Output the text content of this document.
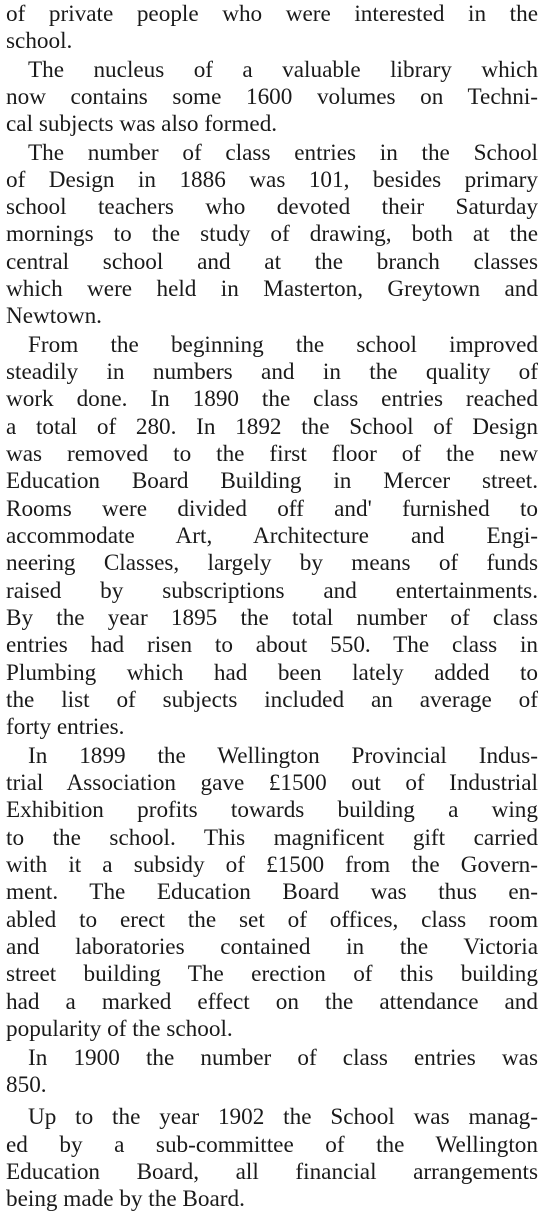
of private people who were interested in the
school.
The nucleus of a valuable library which
now contains some 1600 volumes on Techni-
cal subjects was also formed.
The number of class entries in the School
of Design in 1886 was 101, besides primary
school teachers who devoted their Saturday
mornings to the study of drawing, both at the
central school and at the branch classes
which were held in Masterton, Greytown and
Newtown.
From the beginning the school improved
steadily in numbers and in the quality of
work done. In 1890 the class entries reached
a total of 280. In 1892 the School of Design
was removed to the first floor of the new
Education Board Building in Mercer street.
Rooms were divided off and' furnished to
accommodate Art, Architecture and Engi-
neering Classes, largely by means of funds
raised by subscriptions and entertainments.
By the year 1895 the total number of class
entries had risen to about 550. The class in
Plumbing which had been lately added to
the list of subjects included an average of
forty entries.
In 1899 the Wellington Provincial Indus-
trial Association gave £1500 out of Industrial
Exhibition profits towards building a wing
to the school. This magnificent gift carried
with it a subsidy of £1500 from the Govern-
ment. The Education Board was thus en-
abled to erect the set of offices, class room
and laboratories contained in the Victoria
street building The erection of this building
had a marked effect on the attendance and
popularity of the school.
In 1900 the number of class entries was
850.
Up to the year 1902 the School was manag-
ed by a sub-committee of the Wellington
Education Board, all financial arrangements
being made by the Board.
